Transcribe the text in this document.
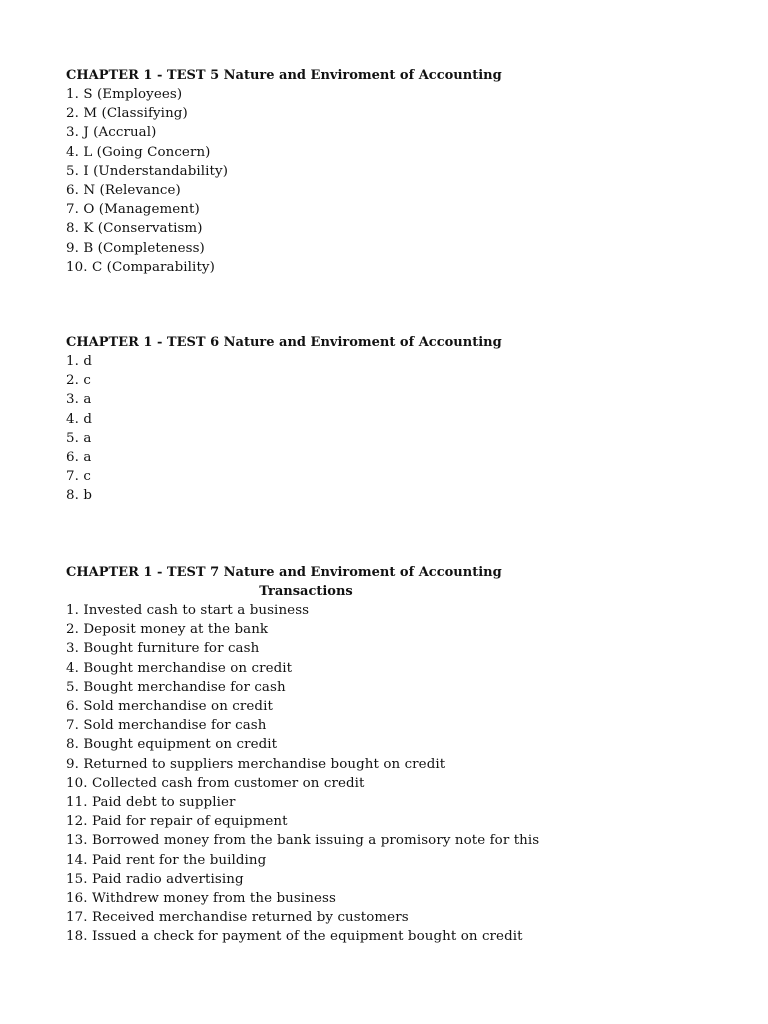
CHAPTER 1 - TEST 5 Nature and Enviroment of Accounting

1. S (Employees)
2. M (Classifying)
3. J (Accrual)
4. L (Going Concern)
5. I (Understandability)
6. N (Relevance)
7. O (Management)
8. K (Conservatism)
9. B (Completeness)
10. C (Comparability)

CHAPTER 1 - TEST 6 Nature and Enviroment of Accounting

1. d
2. c
3. a
4. d
5. a
6. a
7. c
8. b

CHAPTER 1 - TEST 7 Nature and Enviroment of Accounting

Transactions

1. Invested cash to start a business
2. Deposit money at the bank
3. Bought furniture for cash
4. Bought merchandise on credit
5. Bought merchandise for cash
6. Sold merchandise on credit
7. Sold merchandise for cash
8. Bought equipment on credit
9. Returned to suppliers merchandise bought on credit
10. Collected cash from customer on credit
11. Paid debt to supplier
12. Paid for repair of equipment
13. Borrowed money from the bank issuing a promisory note for this
14. Paid rent for the building
15. Paid radio advertising
16. Withdrew money from the business
17. Received merchandise returned by customers
18. Issued a check for payment of the equipment bought on credit
